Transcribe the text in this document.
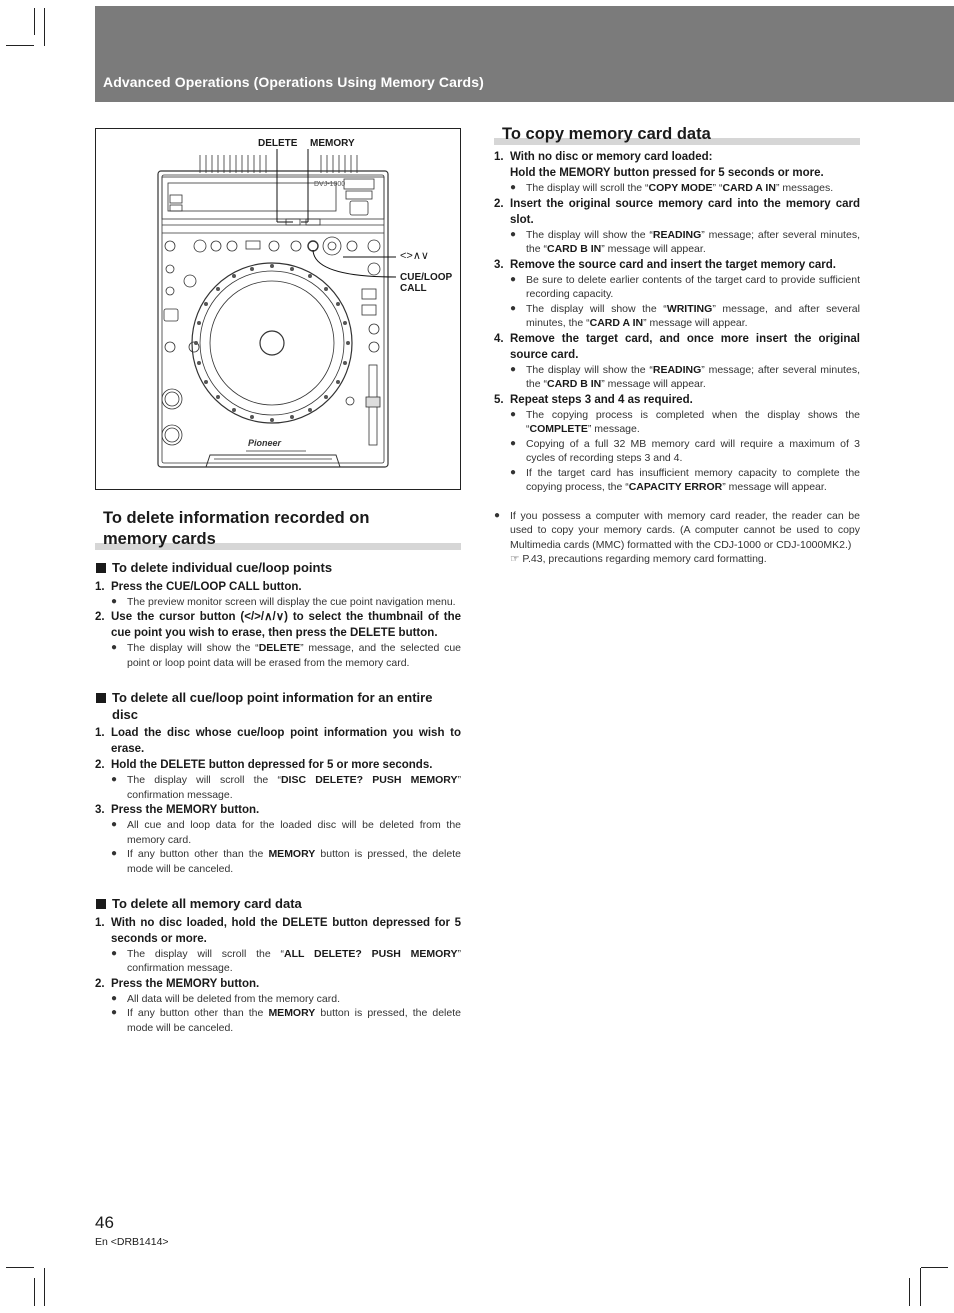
Advanced Operations (Operations Using Memory Cards)
DVJ-1000
Pioneer
DELETE MEMORY
<>∧∨
CUE/LOOP
CALL
To delete information recorded on
memory cards
To delete individual cue/loop points
1. Press the CUE/LOOP CALL button.
● The preview monitor screen will display the cue point navigation menu.
2. Use the cursor button (</>/∧/∨) to select the thumbnail of the cue point you wish to erase, then press the DELETE button.
● The display will show the “DELETE” message, and the selected cue point or loop point data will be erased from the memory card.
To delete all cue/loop point information for an entire disc
1. Load the disc whose cue/loop point information you wish to erase.
2. Hold the DELETE button depressed for 5 or more seconds.
● The display will scroll the “DISC DELETE? PUSH MEMORY” confirmation message.
3. Press the MEMORY button.
● All cue and loop data for the loaded disc will be deleted from the memory card.
● If any button other than the MEMORY button is pressed, the delete mode will be canceled.
To delete all memory card data
1. With no disc loaded, hold the DELETE button depressed for 5 seconds or more.
● The display will scroll the “ALL DELETE? PUSH MEMORY” confirmation message.
2. Press the MEMORY button.
● All data will be deleted from the memory card.
● If any button other than the MEMORY button is pressed, the delete mode will be canceled.
To copy memory card data
1. With no disc or memory card loaded:
Hold the MEMORY button pressed for 5 seconds or more.
● The display will scroll the “COPY MODE” “CARD A IN” messages.
2. Insert the original source memory card into the memory card slot.
● The display will show the “READING” message; after several minutes, the “CARD B IN” message will appear.
3. Remove the source card and insert the target memory card.
● Be sure to delete earlier contents of the target card to provide sufficient recording capacity.
● The display will show the “WRITING” message, and after several minutes, the “CARD A IN” message will appear.
4. Remove the target card, and once more insert the original source card.
● The display will show the “READING” message; after several minutes, the “CARD B IN” message will appear.
5. Repeat steps 3 and 4 as required.
● The copying process is completed when the display shows the “COMPLETE” message.
● Copying of a full 32 MB memory card will require a maximum of 3 cycles of recording steps 3 and 4.
● If the target card has insufficient memory capacity to complete the copying process, the “CAPACITY ERROR” message will appear.
● If you possess a computer with memory card reader, the reader can be used to copy your memory cards. (A computer cannot be used to copy Multimedia cards (MMC) formatted with the CDJ-1000 or CDJ-1000MK2.)
☞ P.43, precautions regarding memory card formatting.
46
En <DRB1414>
